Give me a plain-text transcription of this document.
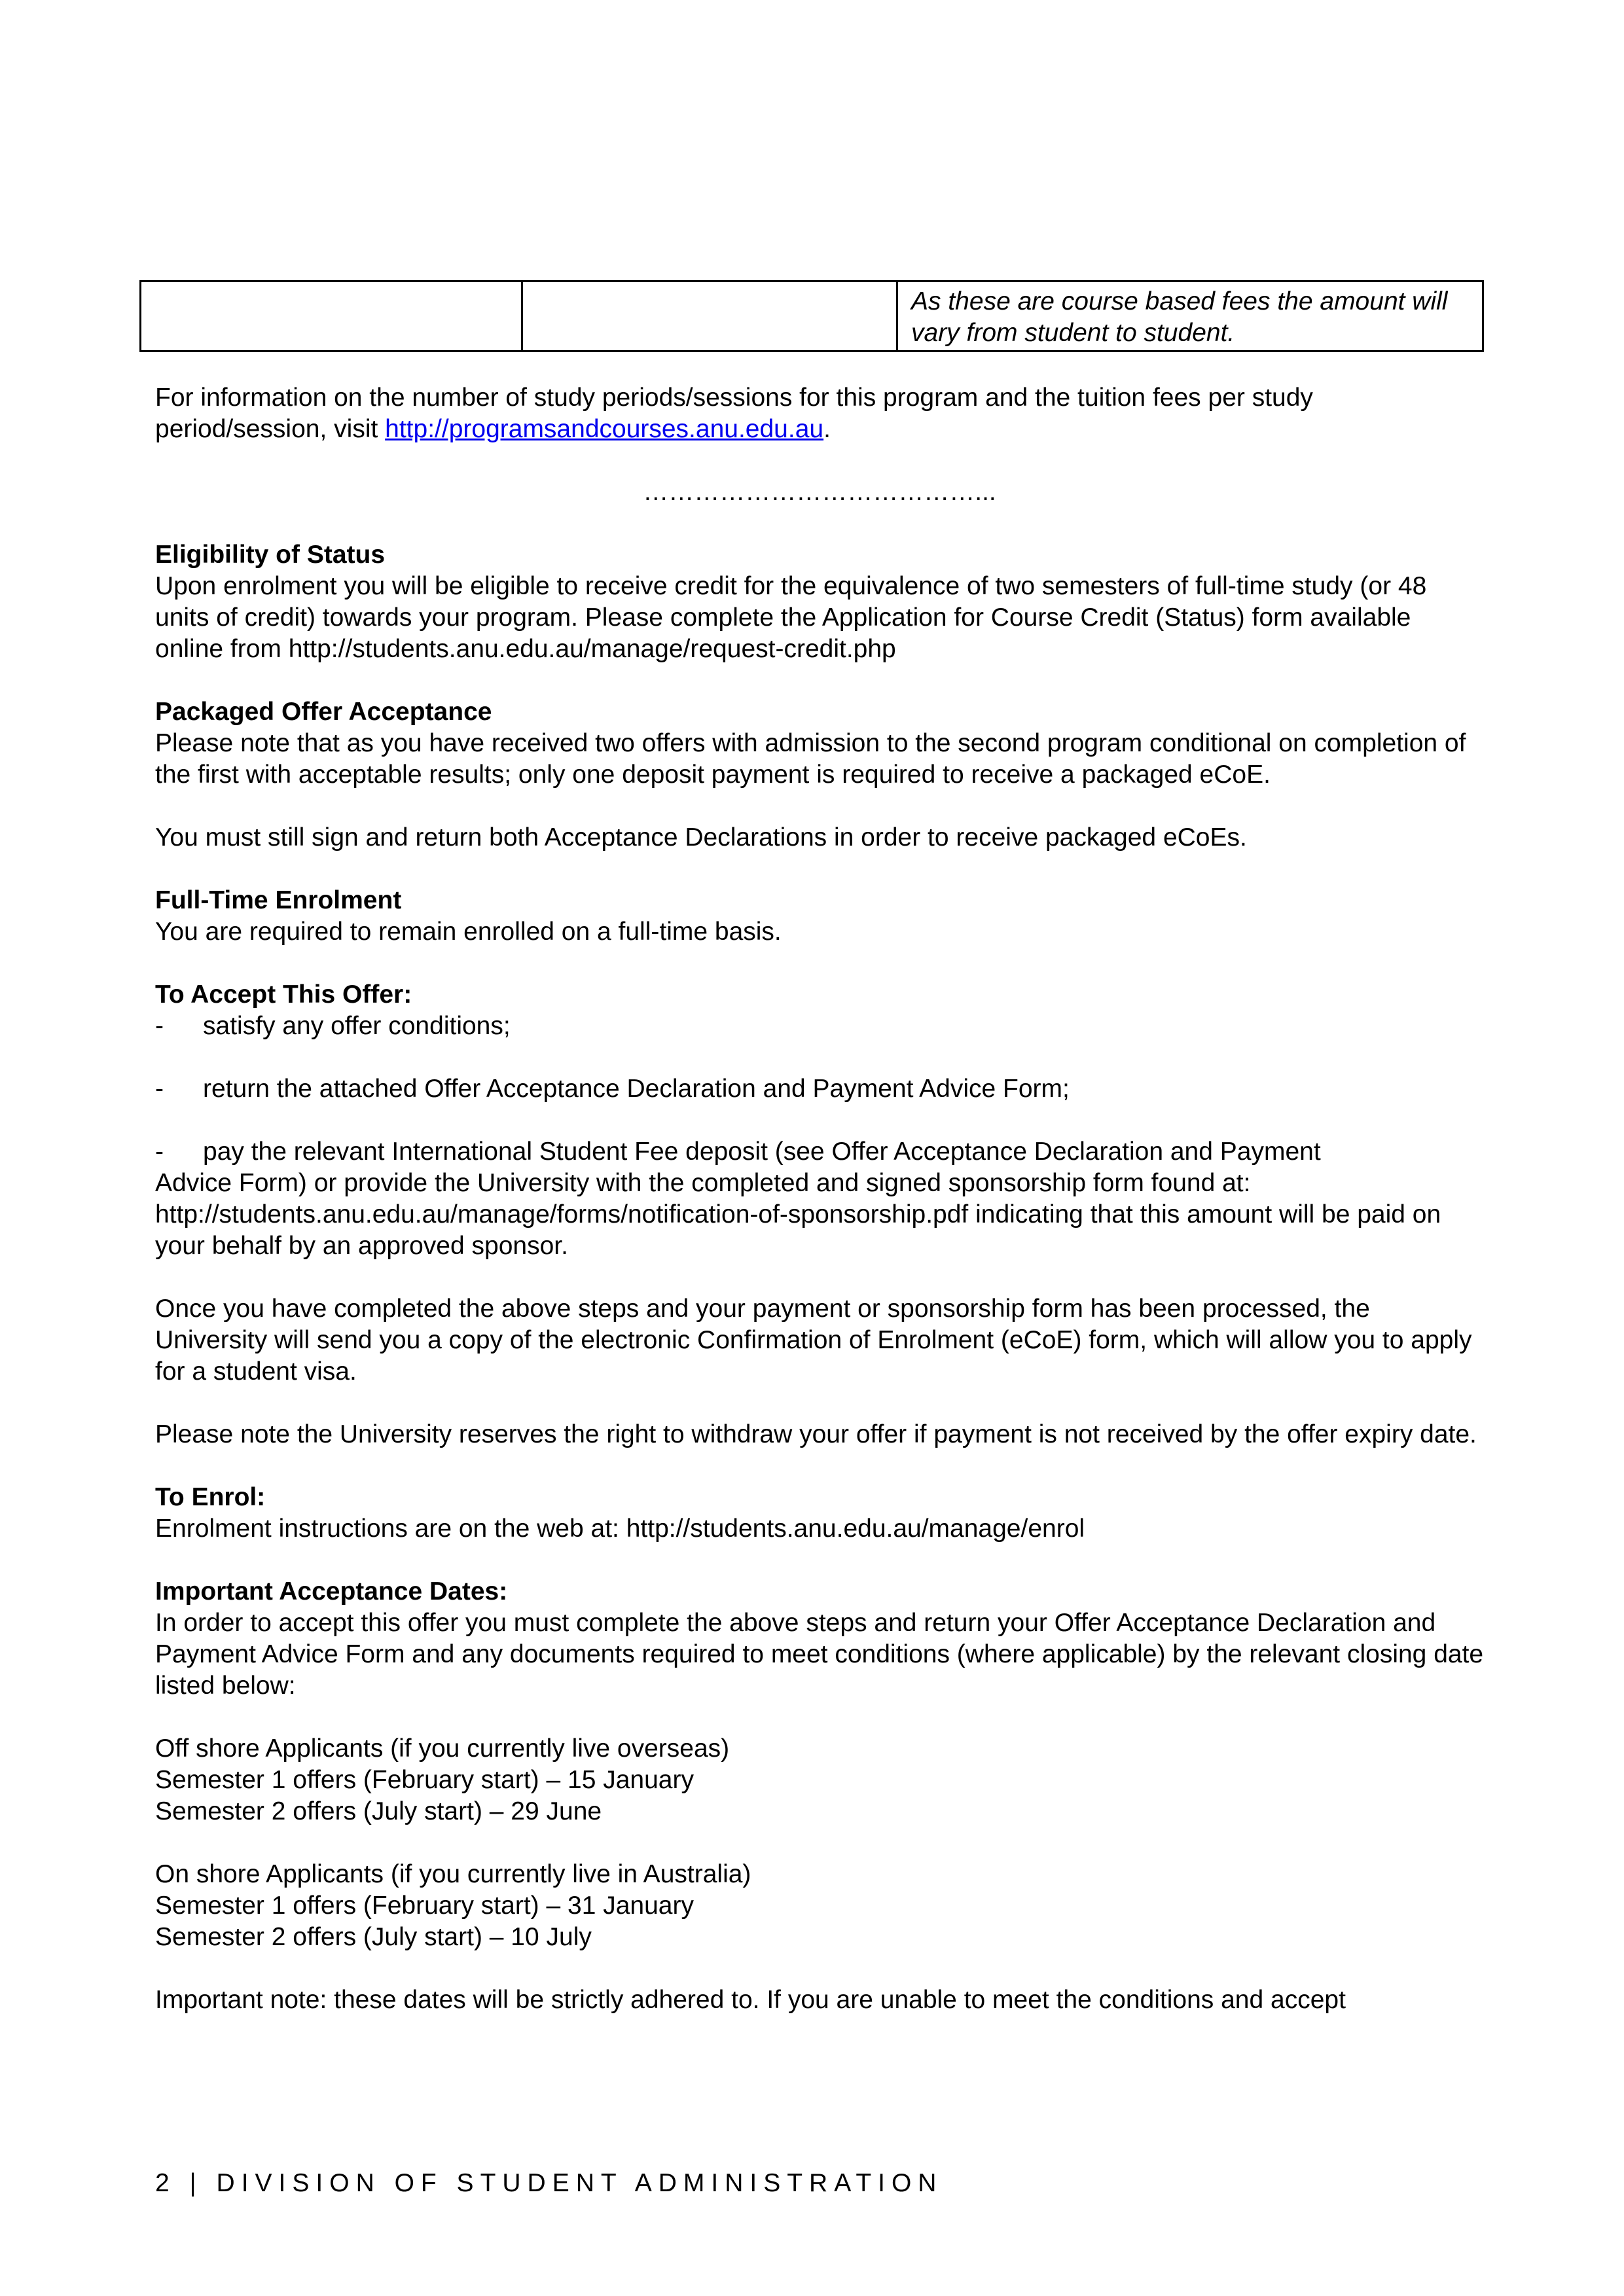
		As these are course based fees the amount will vary from student to student.

For information on the number of study periods/sessions for this program and the tuition fees per study period/session, visit http://programsandcourses.anu.edu.au.

…………………………………...

Eligibility of Status

Upon enrolment you will be eligible to receive credit for the equivalence of two semesters of full-time study (or 48 units of credit) towards your program. Please complete the Application for Course Credit (Status) form available online from http://students.anu.edu.au/manage/request-credit.php

Packaged Offer Acceptance

Please note that as you have received two offers with admission to the second program conditional on completion of the first with acceptable results; only one deposit payment is required to receive a packaged eCoE.

You must still sign and return both Acceptance Declarations in order to receive packaged eCoEs.

Full-Time Enrolment

You are required to remain enrolled on a full-time basis.

To Accept This Offer:

-	satisfy any offer conditions;
-	return the attached Offer Acceptance Declaration and Payment Advice Form;
-	pay the relevant International Student Fee deposit (see Offer Acceptance Declaration and Payment

Advice Form) or provide the University with the completed and signed sponsorship form found at: http://students.anu.edu.au/manage/forms/notification-of-sponsorship.pdf indicating that this amount will be paid on your behalf by an approved sponsor.

Once you have completed the above steps and your payment or sponsorship form has been processed, the University will send you a copy of the electronic Confirmation of Enrolment (eCoE) form, which will allow you to apply for a student visa.

Please note the University reserves the right to withdraw your offer if payment is not received by the offer expiry date.

To Enrol:

Enrolment instructions are on the web at: http://students.anu.edu.au/manage/enrol

Important Acceptance Dates:

In order to accept this offer you must complete the above steps and return your Offer Acceptance Declaration and Payment Advice Form and any documents required to meet conditions (where applicable) by the relevant closing date listed below:

Off shore Applicants (if you currently live overseas)

Semester 1 offers (February start) – 15 January

Semester 2 offers (July start) – 29 June

On shore Applicants (if you currently live in Australia)

Semester 1 offers (February start) – 31 January

Semester 2 offers (July start) – 10 July

Important note: these dates will be strictly adhered to. If you are unable to meet the conditions and accept

2 | DIVISION OF STUDENT ADMINISTRATION
